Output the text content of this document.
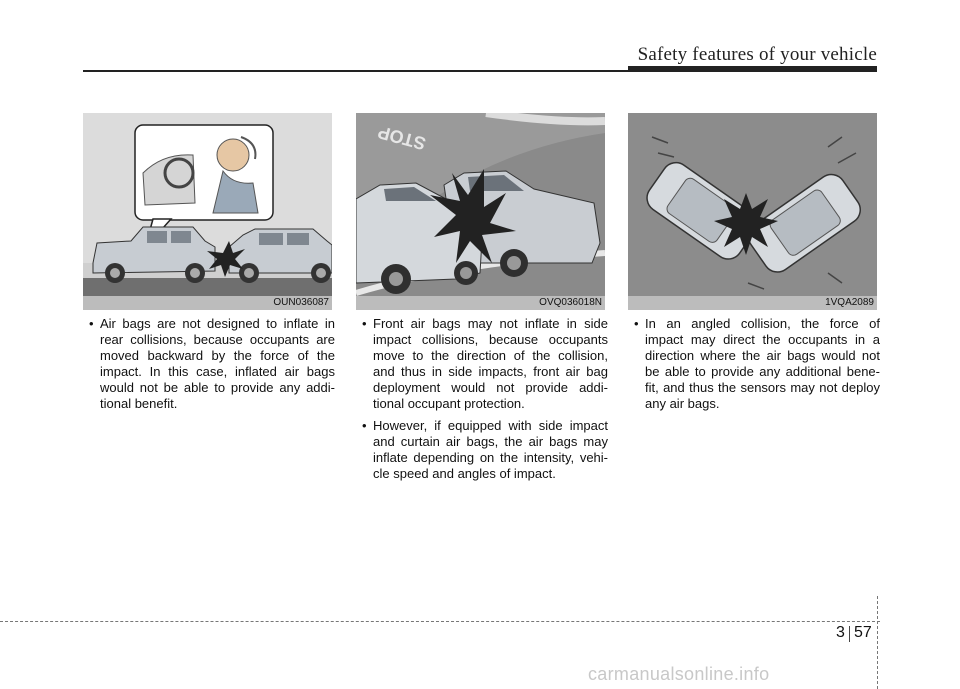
Safety features of your vehicle
OUN036087
STOP
OVQ036018N	1VQA2089

• Air bags are not designed to inflate in rear collisions, because occupants are moved backward by the force of the impact. In this case, inflated air bags would not be able to provide any addi-tional benefit.

• Front air bags may not inflate in side impact collisions, because occupants move to the direction of the collision, and thus in side impacts, front air bag deployment would not provide addi-tional occupant protection.

• However, if equipped with side impact and curtain air bags, the air bags may inflate depending on the intensity, vehi-cle speed and angles of impact.

• In an angled collision, the force of impact may direct the occupants in a direction where the air bags would not be able to provide any additional bene-fit, and thus the sensors may not deploy any air bags.

3 57
carmanualsonline.info
